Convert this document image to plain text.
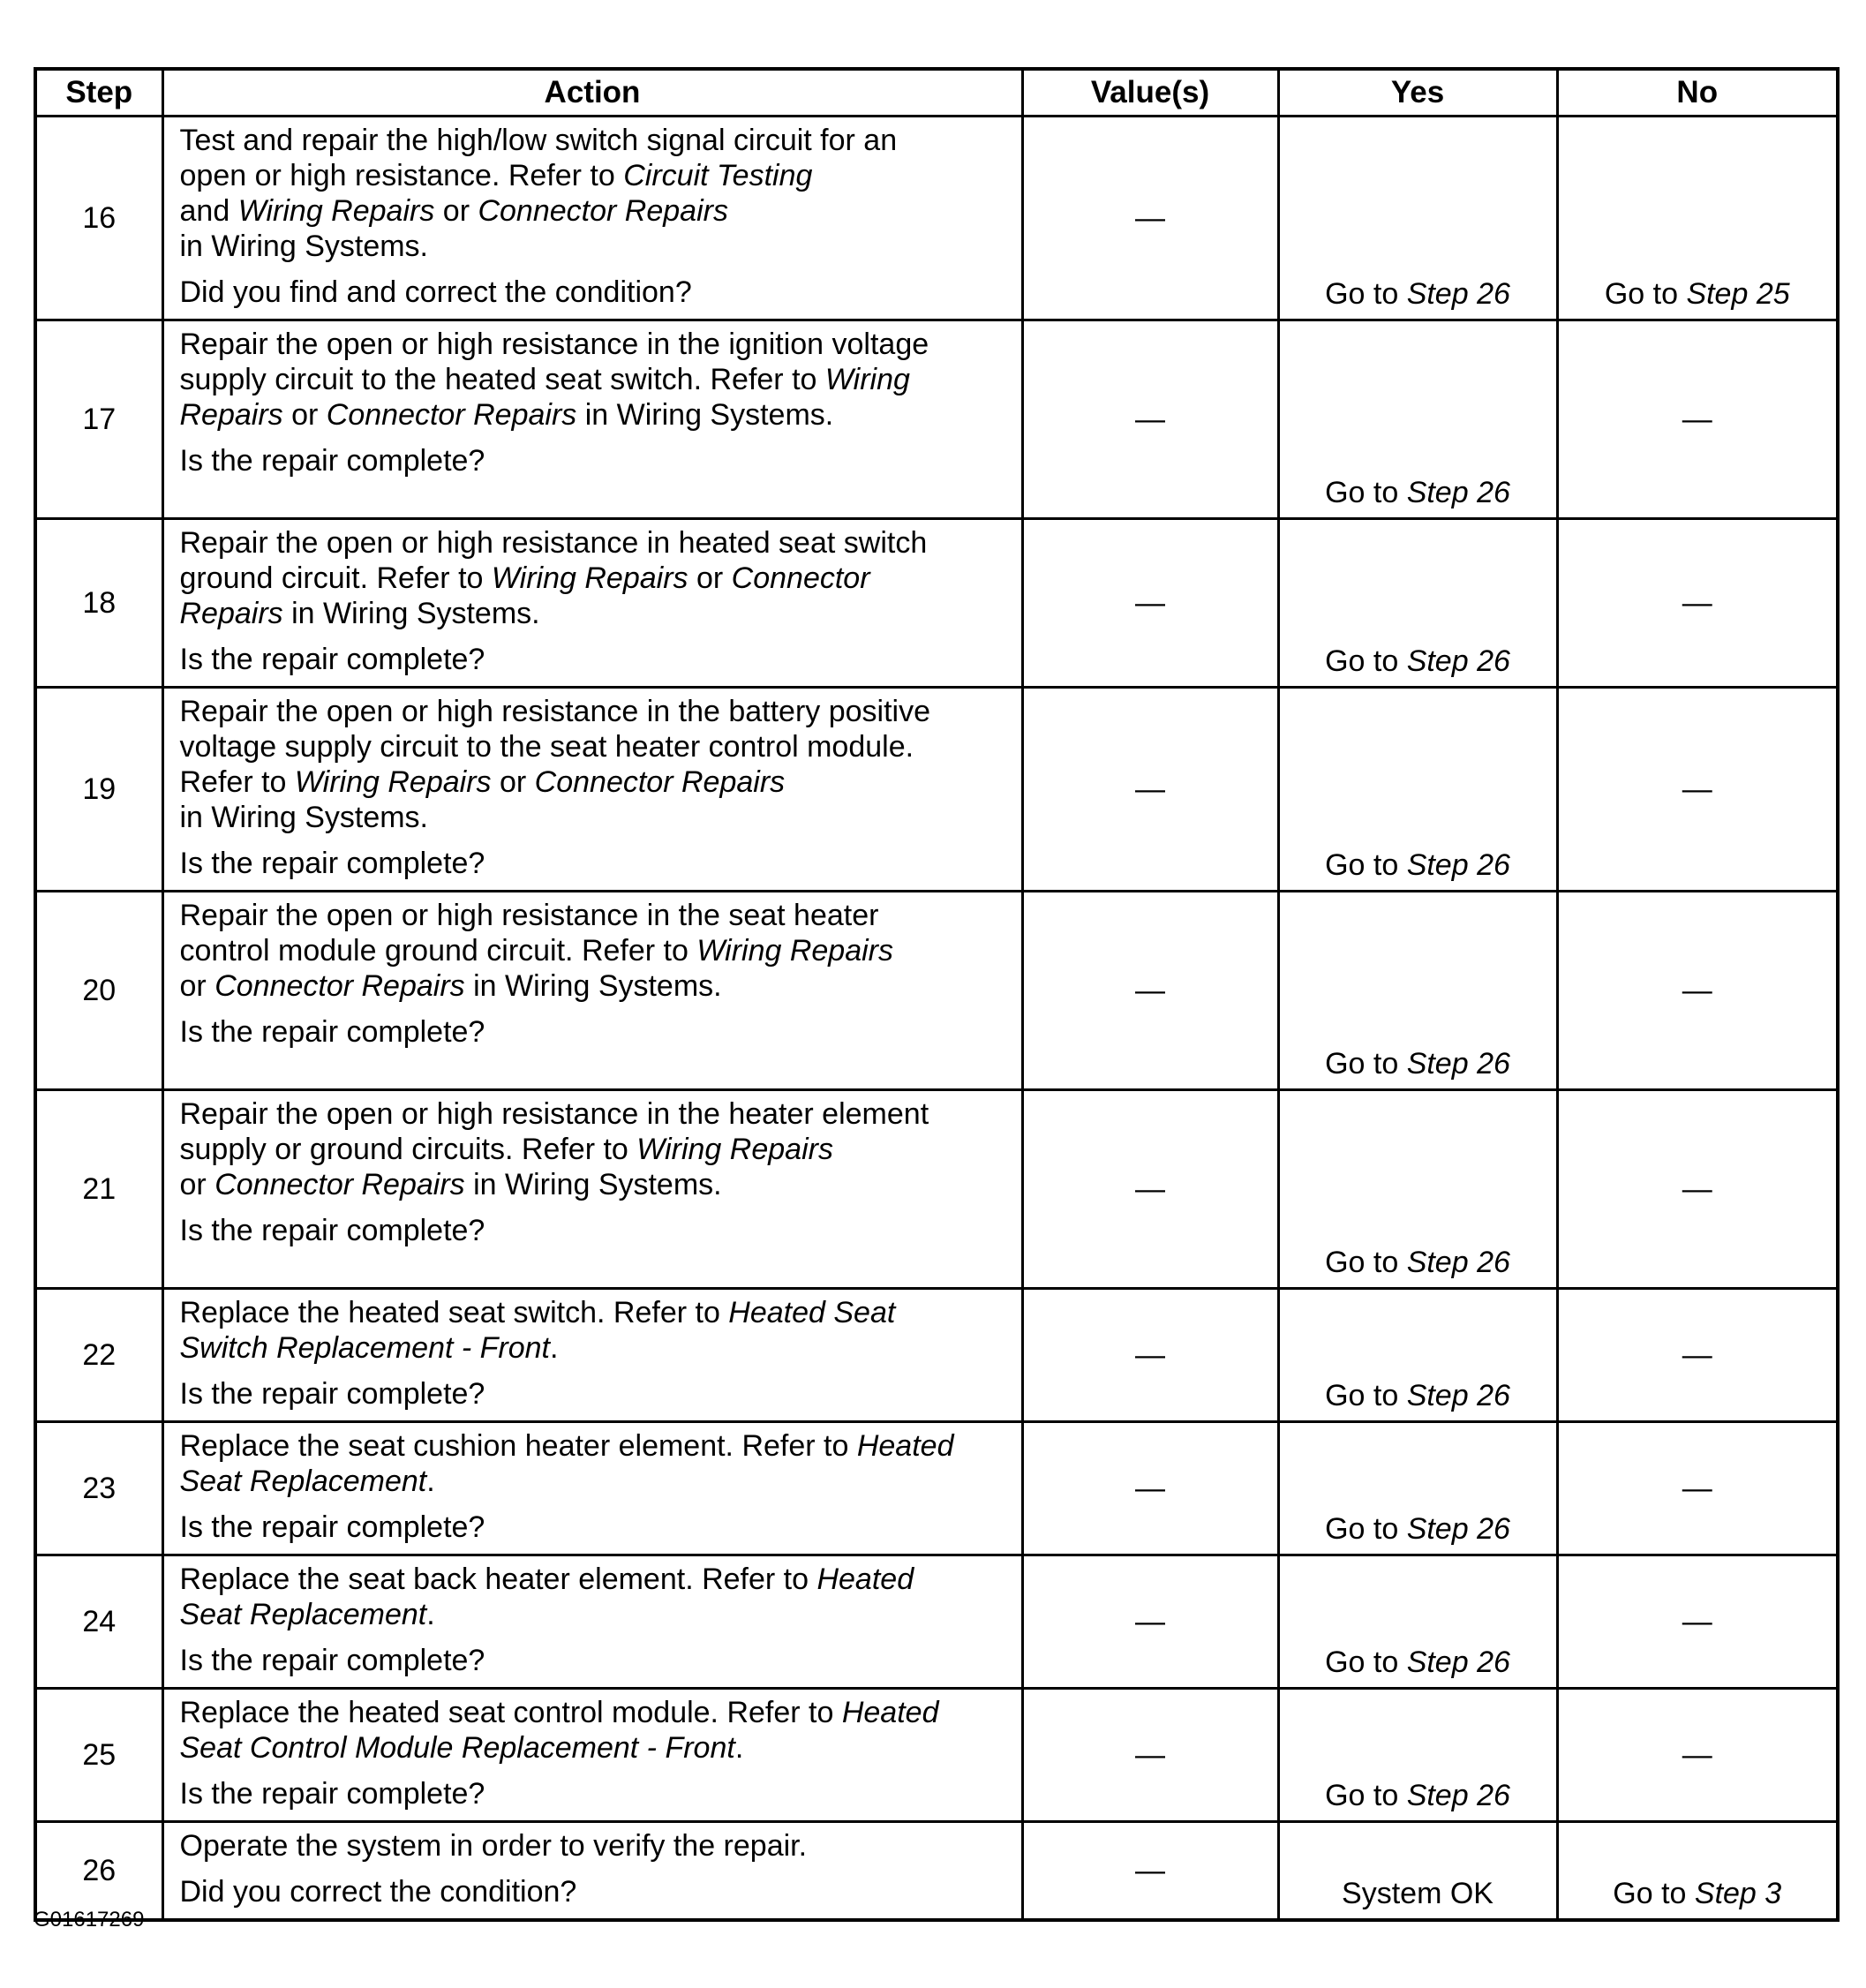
Step	Action	Value(s)	Yes	No
16	Test and repair the high/low switch signal circuit for an
open or high resistance. Refer to Circuit Testing
and Wiring Repairs or Connector Repairs
in Wiring Systems.
Did you find and correct the condition?	—	Go to Step 26	Go to Step 25
17	Repair the open or high resistance in the ignition voltage
supply circuit to the heated seat switch. Refer to Wiring
Repairs or Connector Repairs in Wiring Systems.
Is the repair complete?	—	Go to Step 26	—
18	Repair the open or high resistance in heated seat switch
ground circuit. Refer to Wiring Repairs or Connector
Repairs in Wiring Systems.
Is the repair complete?	—	Go to Step 26	—
19	Repair the open or high resistance in the battery positive
voltage supply circuit to the seat heater control module.
Refer to Wiring Repairs or Connector Repairs
in Wiring Systems.
Is the repair complete?	—	Go to Step 26	—
20	Repair the open or high resistance in the seat heater
control module ground circuit. Refer to Wiring Repairs
or Connector Repairs in Wiring Systems.
Is the repair complete?	—	Go to Step 26	—
21	Repair the open or high resistance in the heater element
supply or ground circuits. Refer to Wiring Repairs
or Connector Repairs in Wiring Systems.
Is the repair complete?	—	Go to Step 26	—
22	Replace the heated seat switch. Refer to Heated Seat
Switch Replacement - Front.
Is the repair complete?	—	Go to Step 26	—
23	Replace the seat cushion heater element. Refer to Heated
Seat Replacement.
Is the repair complete?	—	Go to Step 26	—
24	Replace the seat back heater element. Refer to Heated
Seat Replacement.
Is the repair complete?	—	Go to Step 26	—
25	Replace the heated seat control module. Refer to Heated
Seat Control Module Replacement - Front.
Is the repair complete?	—	Go to Step 26	—
26	Operate the system in order to verify the repair.
Did you correct the condition?	—	System OK	Go to Step 3
G01617269
